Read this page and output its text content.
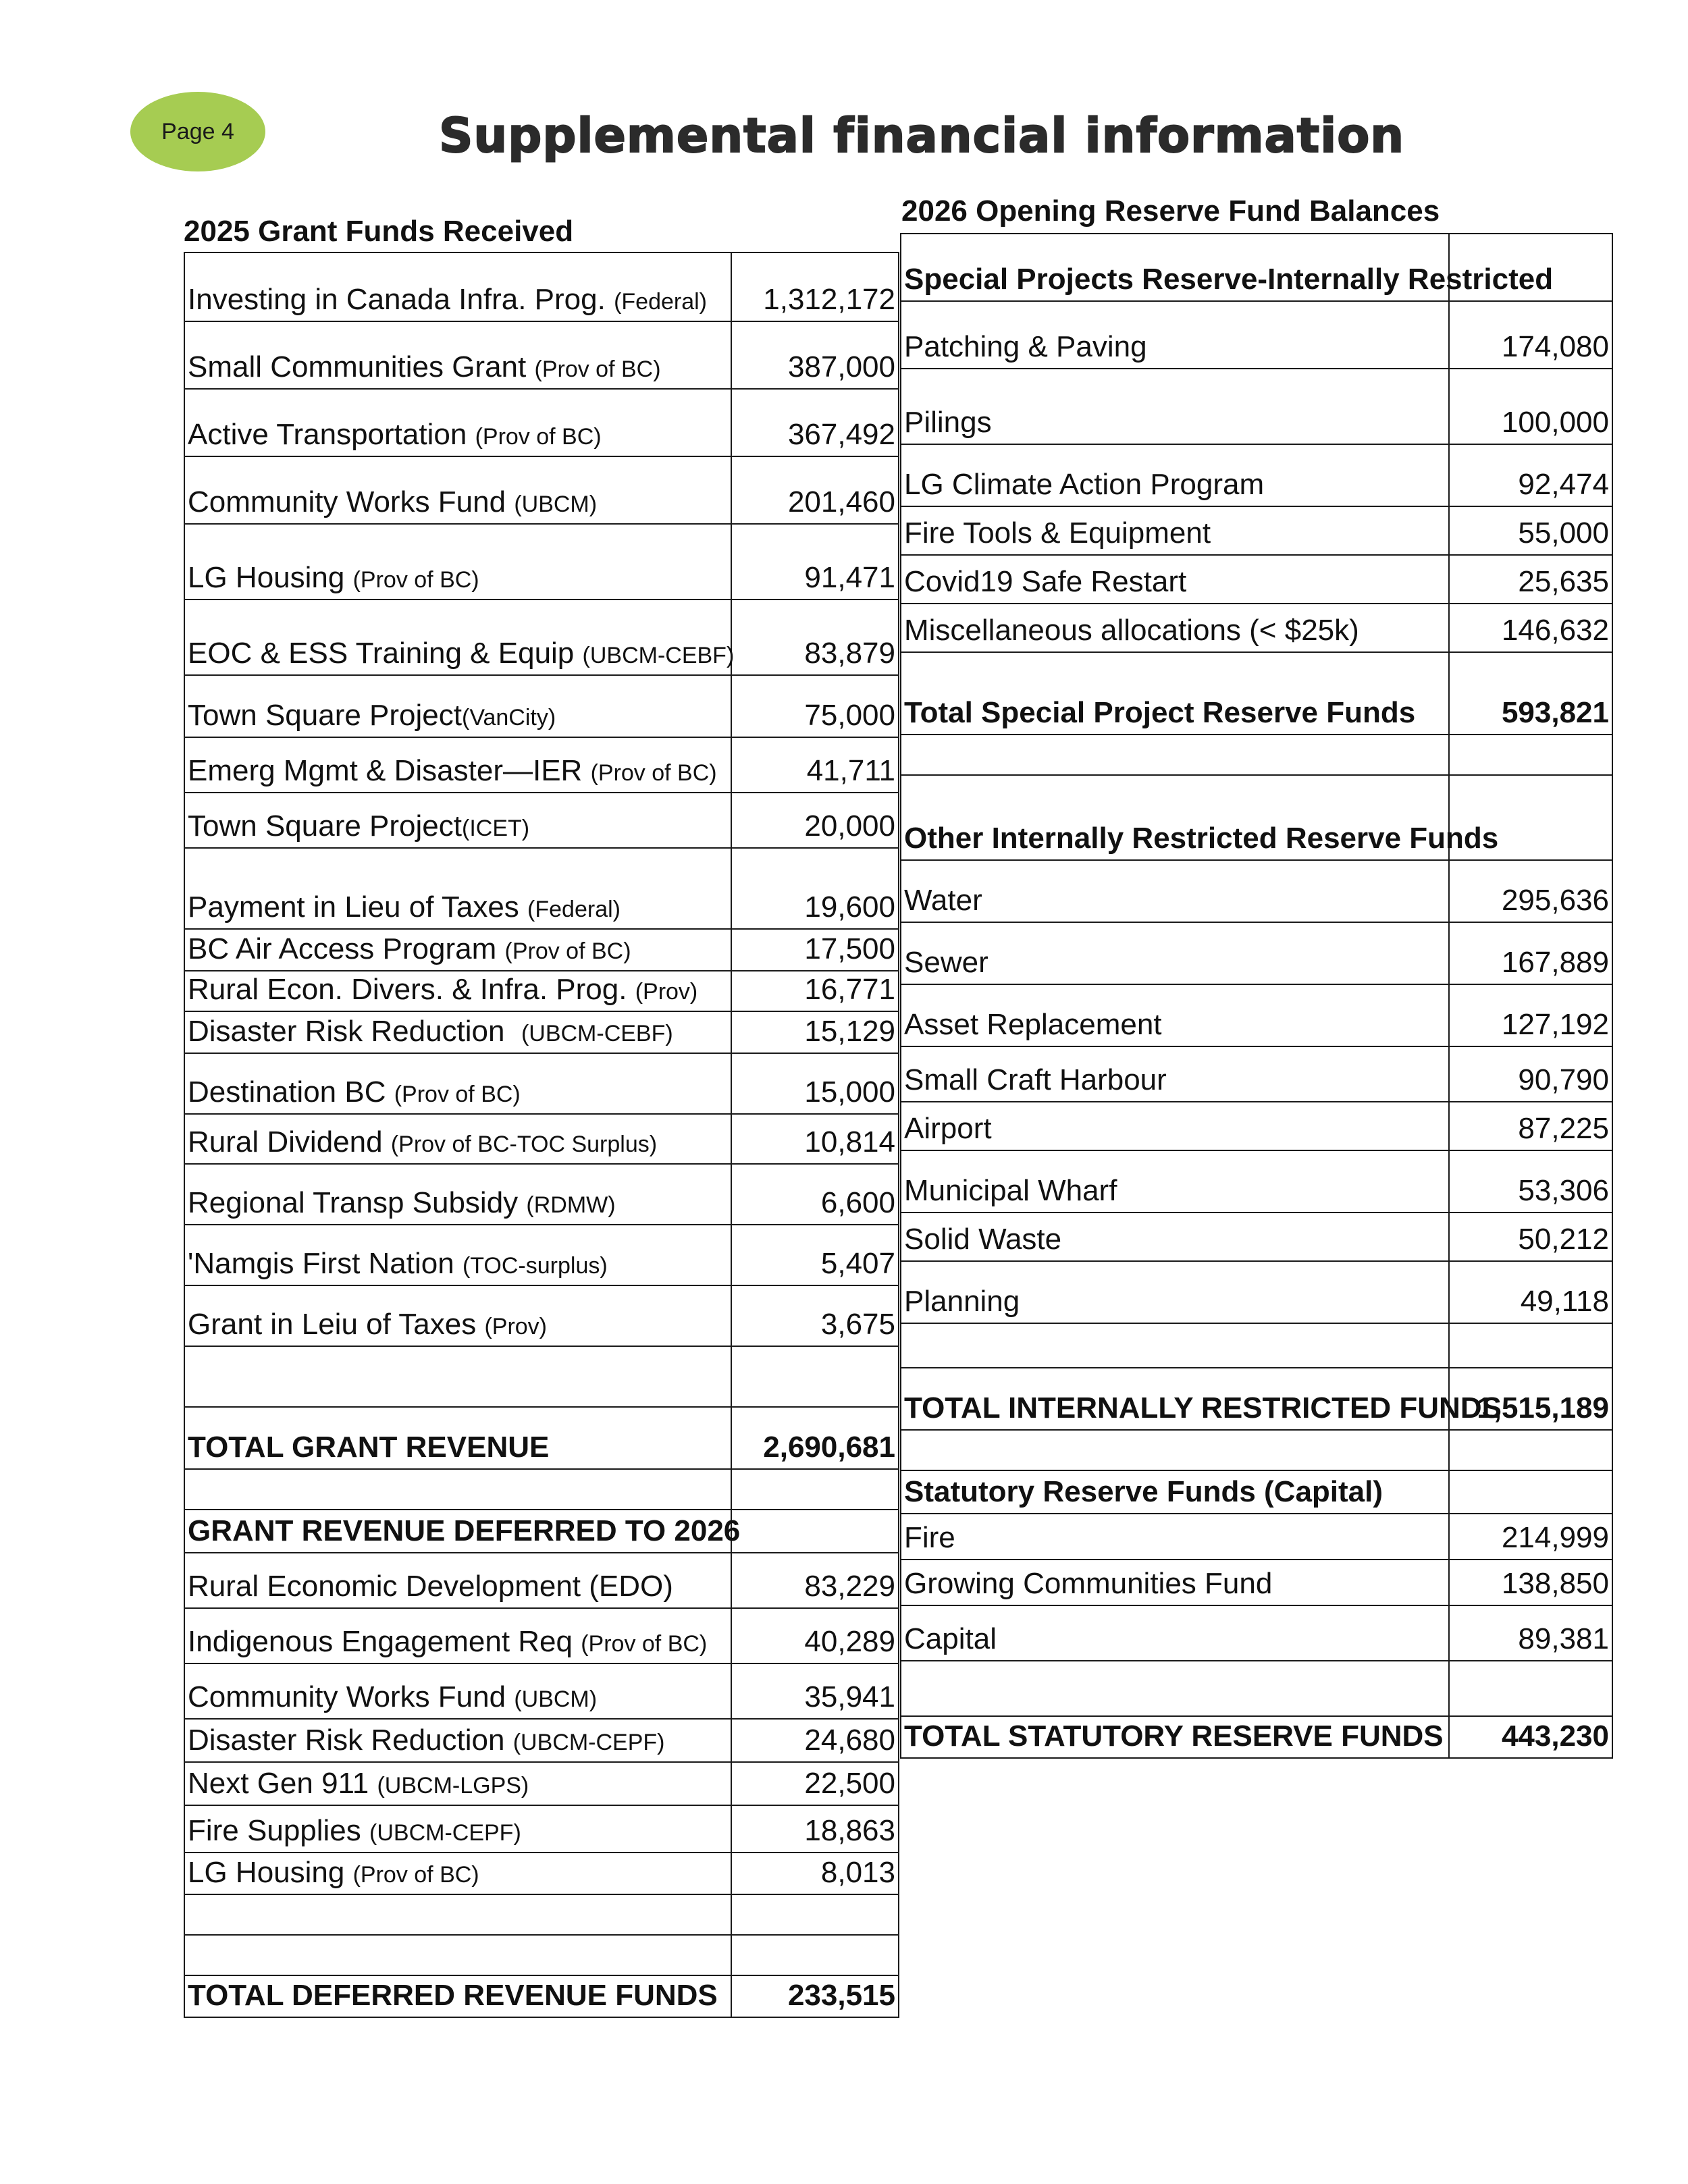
Page 4	Supplemental financial information
2025 Grant Funds Received
2026 Opening Reserve Fund Balances
Investing in Canada Infra. Prog. (Federal)	1,312,172
Small Communities Grant (Prov of BC)	387,000
Active Transportation (Prov of BC)	367,492
Community Works Fund (UBCM)	201,460
LG Housing (Prov of BC)	91,471
EOC & ESS Training & Equip (UBCM-CEBF)	83,879
Town Square Project(VanCity)	75,000
Emerg Mgmt & Disaster—IER (Prov of BC)	41,711
Town Square Project(ICET)	20,000
Payment in Lieu of Taxes (Federal)	19,600
BC Air Access Program (Prov of BC)	17,500
Rural Econ. Divers. & Infra. Prog. (Prov)	16,771
Disaster Risk Reduction (UBCM-CEBF)	15,129
Destination BC (Prov of BC)	15,000
Rural Dividend (Prov of BC-TOC Surplus)	10,814
Regional Transp Subsidy (RDMW)	6,600
'Namgis First Nation (TOC-surplus)	5,407
Grant in Leiu of Taxes (Prov)	3,675

TOTAL GRANT REVENUE	2,690,681

GRANT REVENUE DEFERRED TO 2026	
Rural Economic Development (EDO)	83,229
Indigenous Engagement Req (Prov of BC)	40,289
Community Works Fund (UBCM)	35,941
Disaster Risk Reduction (UBCM-CEPF)	24,680
Next Gen 911 (UBCM-LGPS)	22,500
Fire Supplies (UBCM-CEPF)	18,863
LG Housing (Prov of BC)	8,013

TOTAL DEFERRED REVENUE FUNDS	233,515
Special Projects Reserve-Internally Restricted	
Patching & Paving	174,080
Pilings	100,000
LG Climate Action Program	92,474
Fire Tools & Equipment	55,000
Covid19 Safe Restart	25,635
Miscellaneous allocations (< $25k)	146,632
Total Special Project Reserve Funds	593,821

Other Internally Restricted Reserve Funds	
Water	295,636
Sewer	167,889
Asset Replacement	127,192
Small Craft Harbour	90,790
Airport	87,225
Municipal Wharf	53,306
Solid Waste	50,212
Planning	49,118

TOTAL INTERNALLY RESTRICTED FUNDS	1,515,189

Statutory Reserve Funds (Capital)	
Fire	214,999
Growing Communities Fund	138,850
Capital	89,381

TOTAL STATUTORY RESERVE FUNDS	443,230
